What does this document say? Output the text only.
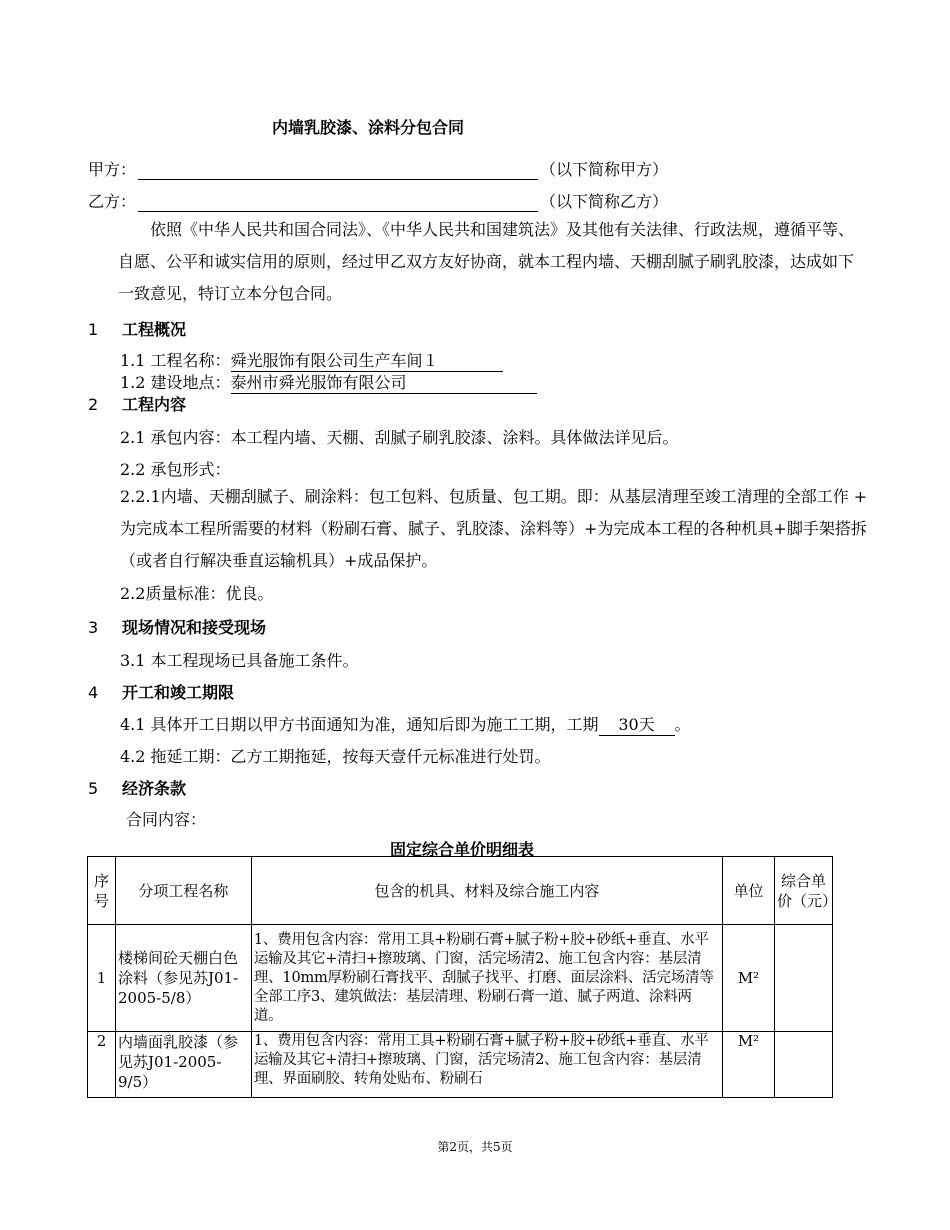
内墙乳胶漆、涂料分包合同
甲方：	（以下简称甲方）
乙方：	（以下简称乙方）

依照《中华人民共和国合同法》、《中华人民共和国建筑法》及其他有关法律、行政法规，遵循平等、自愿、公平和诚实信用的原则，经过甲乙双方友好协商，就本工程内墙、天棚刮腻子刷乳胶漆，达成如下一致意见，特订立本分包合同。

1 工程概况
1.1 工程名称：舜光服饰有限公司生产车间１
1.2 建设地点：泰州市舜光服饰有限公司
2 工程内容
2.1 承包内容：本工程内墙、天棚、刮腻子刷乳胶漆、涂料。具体做法详见后。
2.2 承包形式：

2.2.1内墙、天棚刮腻子、刷涂料：包工包料、包质量、包工期。即：从基层清理至竣工清理的全部工作 + 为完成本工程所需要的材料（粉刷石膏、腻子、乳胶漆、涂料等）+为完成本工程的各种机具+脚手架搭拆（或者自行解决垂直运输机具）+成品保护。

2.2质量标准：优良。
3 现场情况和接受现场
3.1 本工程现场已具备施工条件。
4 开工和竣工期限
4.1 具体开工日期以甲方书面通知为准，通知后即为施工工期，工期 30天 。
4.2 拖延工期：乙方工期拖延，按每天壹仟元标准进行处罚。
5 经济条款
合同内容：
固定综合单价明细表
序号	分项工程名称	包含的机具、材料及综合施工内容	单位	综合单价（元）
1	楼梯间砼天棚白色涂料（参见苏J01-2005-5/8）	1、费用包含内容：常用工具+粉刷石膏+腻子粉+胶+砂纸+垂直、水平运输及其它+清扫+擦玻璃、门窗，活完场清2、施工包含内容：基层清理、10mm厚粉刷石膏找平、刮腻子找平、打磨、面层涂料、活完场清等全部工序3、建筑做法：基层清理、粉刷石膏一道、腻子两道、涂料两道。	M²	
2	内墙面乳胶漆（参见苏J01-2005-9/5）	1、费用包含内容：常用工具+粉刷石膏+腻子粉+胶+砂纸+垂直、水平运输及其它+清扫+擦玻璃、门窗，活完场清2、施工包含内容：基层清理、界面刷胶、转角处贴布、粉刷石	M²	
第2页，共5页
